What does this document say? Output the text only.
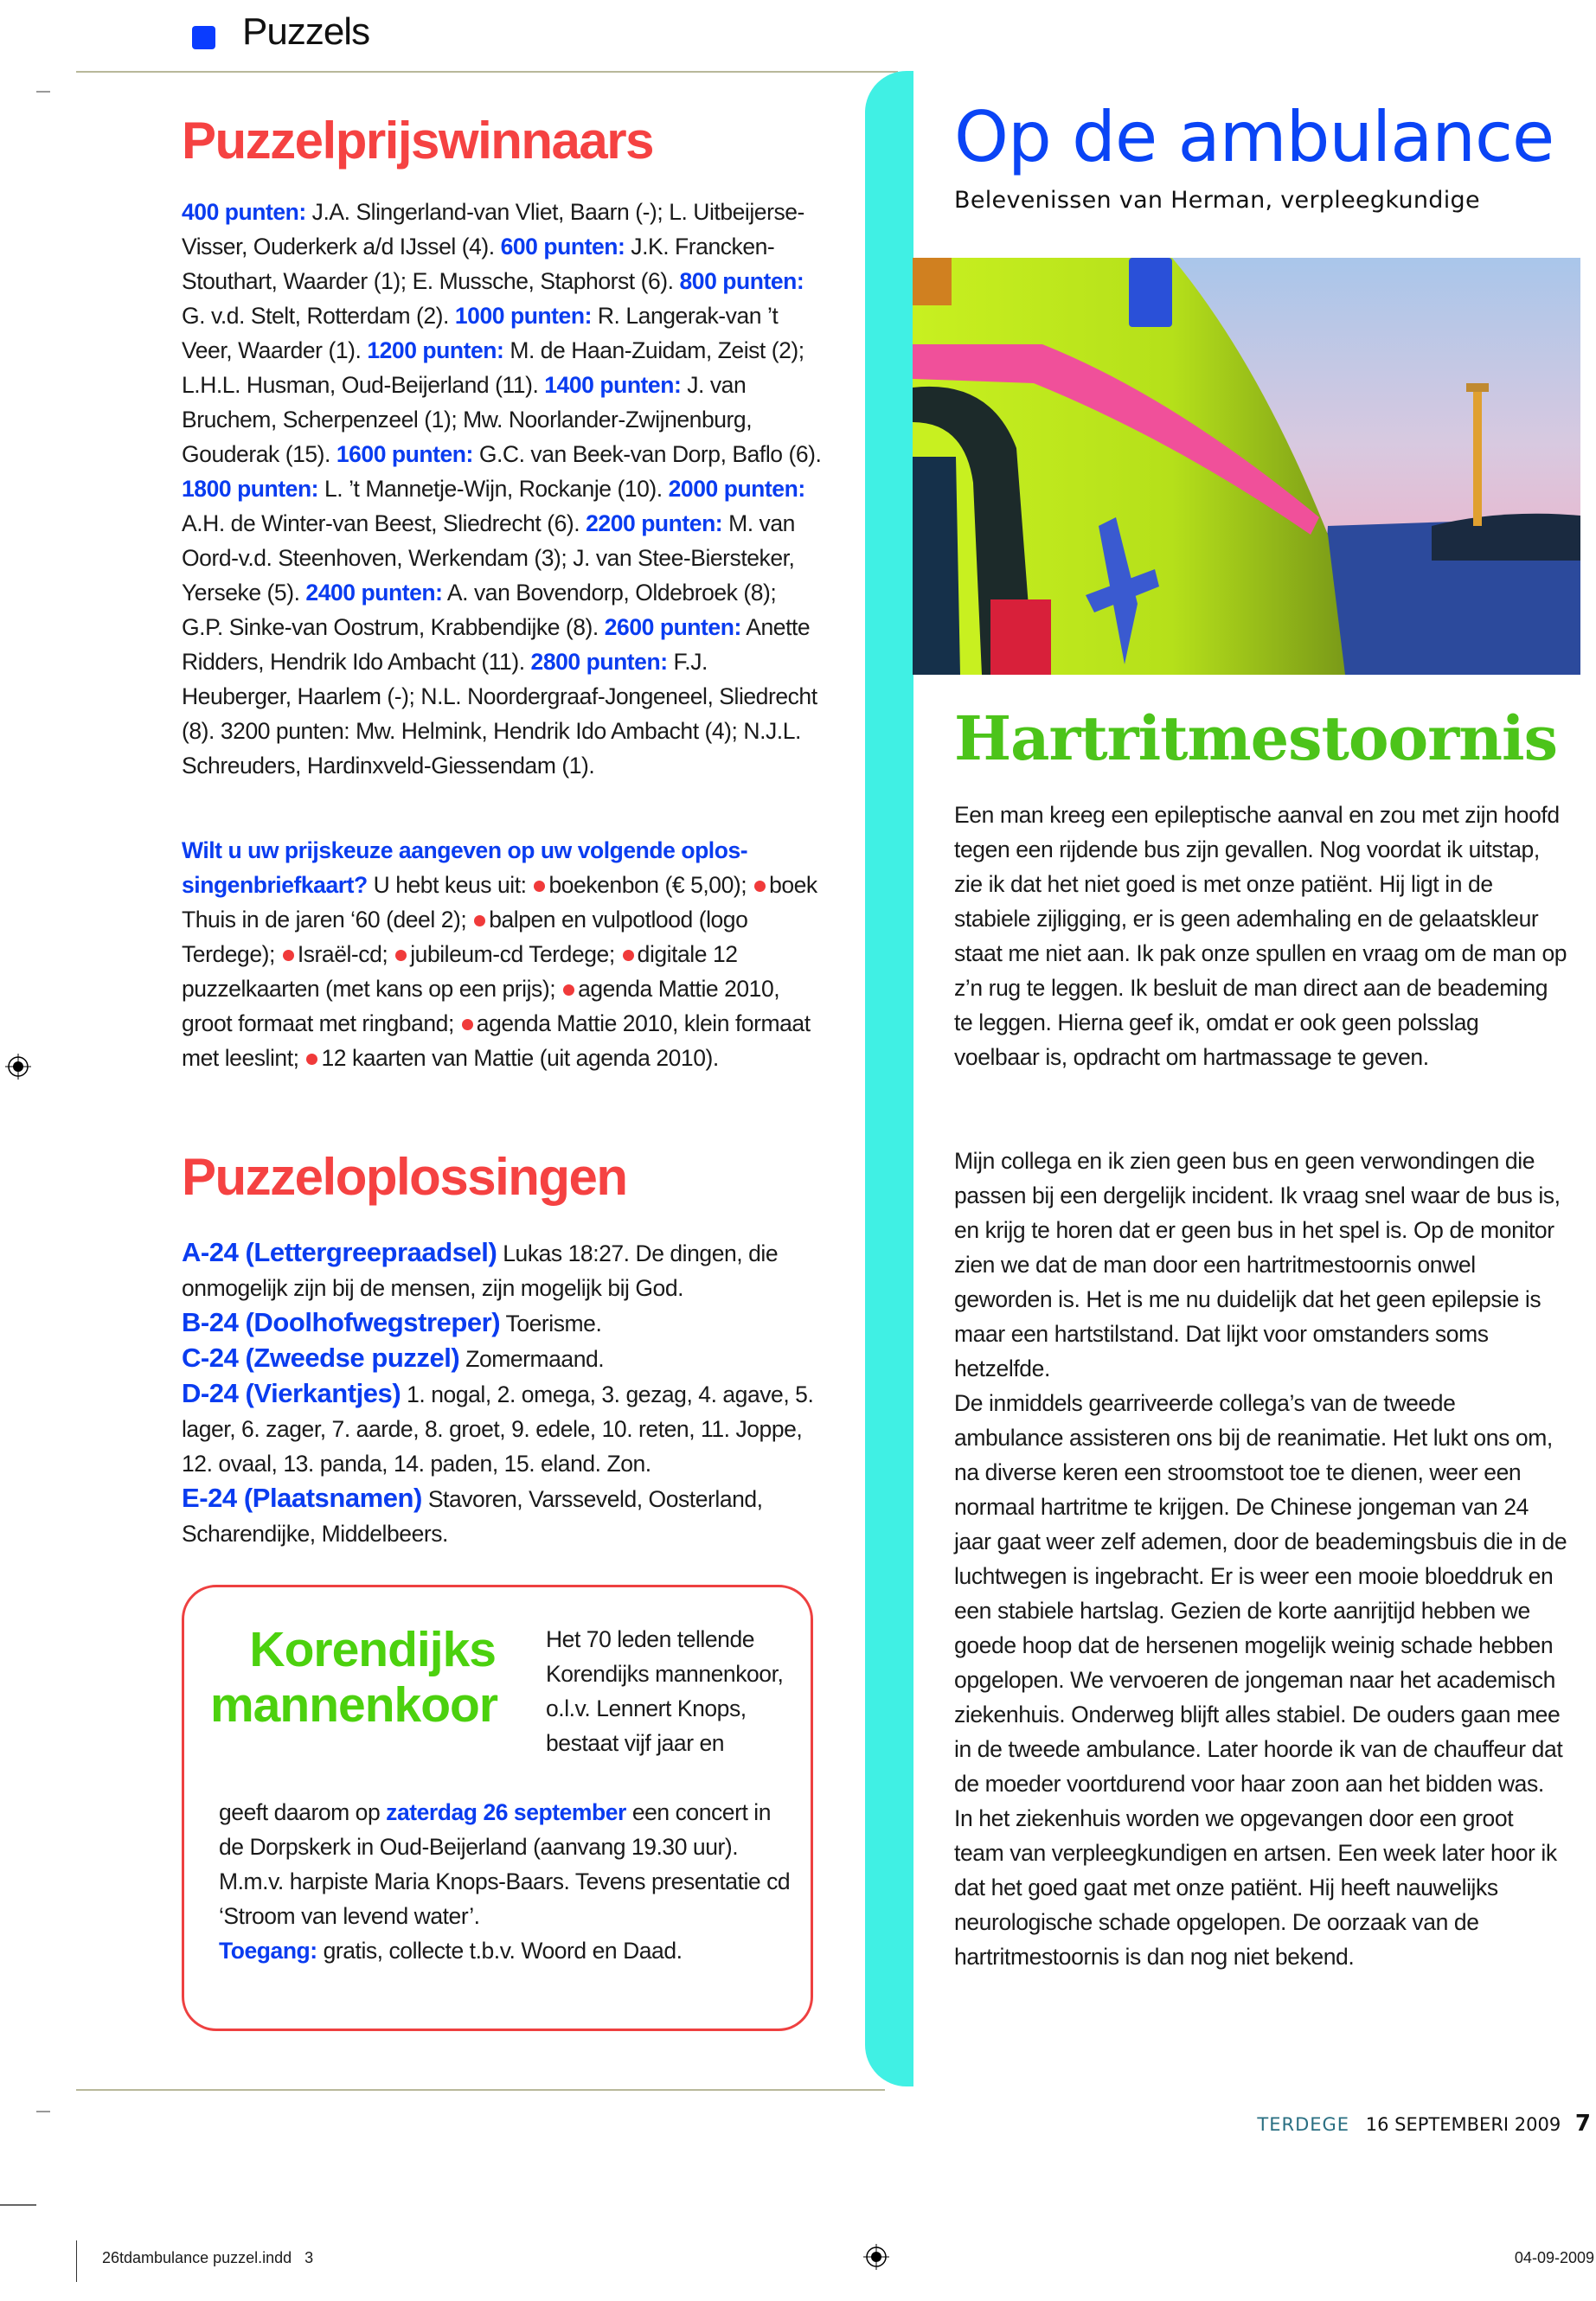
Puzzels
Puzzelprijswinnaars

400 punten: J.A. Slingerland-van Vliet, Baarn (-); L. Uitbeijerse-Visser, Ouderkerk a/d IJssel (4). 600 punten: J.K. Francken-Stouthart, Waarder (1); E. Mussche, Staphorst (6). 800 punten: G. v.d. Stelt, Rotterdam (2). 1000 punten: R. Langerak-van ’t Veer, Waarder (1). 1200 punten: M. de Haan-Zuidam, Zeist (2); L.H.L. Husman, Oud-Beijerland (11). 1400 punten: J. van Bruchem, Scherpenzeel (1); Mw. Noorlander-Zwijnenburg, Gouderak (15). 1600 punten: G.C. van Beek-van Dorp, Baflo (6). 1800 punten: L. ’t Mannetje-Wijn, Rockanje (10). 2000 punten: A.H. de Winter-van Beest, Sliedrecht (6). 2200 punten: M. van Oord-v.d. Steenhoven, Werkendam (3); J. van Stee-Biersteker, Yerseke (5). 2400 punten: A. van Bovendorp, Oldebroek (8); G.P. Sinke-van Oostrum, Krabbendijke (8). 2600 punten: Anette Ridders, Hendrik Ido Ambacht (11). 2800 punten: F.J. Heuberger, Haarlem (-); N.L. Noordergraaf-Jongeneel, Sliedrecht (8). 3200 punten: Mw. Helmink, Hendrik Ido Ambacht (4); N.J.L. Schreuders, Hardinxveld-Giessendam (1).

Wilt u uw prijskeuze aangeven op uw volgende oplossingenbriefkaart? U hebt keus uit: boekenbon (€ 5,00); boek Thuis in de jaren ‘60 (deel 2); balpen en vulpotlood (logo Terdege); Israël-cd; jubileum-cd Terdege; digitale 12 puzzelkaarten (met kans op een prijs); agenda Mattie 2010, groot formaat met ringband; agenda Mattie 2010, klein formaat met leeslint; 12 kaarten van Mattie (uit agenda 2010).

Puzzeloplossingen
A-24 (Lettergreepraadsel) Lukas 18:27. De dingen, die onmogelijk zijn bij de mensen, zijn mogelijk bij God.
B-24 (Doolhofwegstreper) Toerisme.
C-24 (Zweedse puzzel) Zomermaand.
D-24 (Vierkantjes) 1. nogal, 2. omega, 3. gezag, 4. agave, 5. lager, 6. zager, 7. aarde, 8. groet, 9. edele, 10. reten, 11. Joppe, 12. ovaal, 13. panda, 14. paden, 15. eland. Zon.
E-24 (Plaatsnamen) Stavoren, Varsseveld, Oosterland, Scharendijke, Middelbeers.
Korendijks mannenkoor

Het 70 leden tellende Korendijks mannenkoor, o.l.v. Lennert Knops, bestaat vijf jaar en

geeft daarom op zaterdag 26 september een concert in de Dorpskerk in Oud-Beijerland (aanvang 19.30 uur). M.m.v. harpiste Maria Knops-Baars. Tevens presentatie cd ‘Stroom van levend water’.
Toegang: gratis, collecte t.b.v. Woord en Daad.

Op de ambulance
Belevenissen van Herman, verpleegkundige
Hartritmestoornis

Een man kreeg een epileptische aanval en zou met zijn hoofd tegen een rijdende bus zijn gevallen. Nog voordat ik uitstap, zie ik dat het niet goed is met onze patiënt. Hij ligt in de stabiele zijligging, er is geen ademhaling en de gelaatskleur staat me niet aan. Ik pak onze spullen en vraag om de man op z’n rug te leggen. Ik besluit de man direct aan de beademing te leggen. Hierna geef ik, omdat er ook geen polsslag voelbaar is, opdracht om hartmassage te geven.

Mijn collega en ik zien geen bus en geen verwondingen die passen bij een dergelijk incident. Ik vraag snel waar de bus is, en krijg te horen dat er geen bus in het spel is. Op de monitor zien we dat de man door een hartritmestoornis onwel geworden is. Het is me nu duidelijk dat het geen epilepsie is maar een hartstilstand. Dat lijkt voor omstanders soms hetzelfde.

De inmiddels gearriveerde collega’s van de tweede ambulance assisteren ons bij de reanimatie. Het lukt ons om, na diverse keren een stroomstoot toe te dienen, weer een normaal hartritme te krijgen. De Chinese jongeman van 24 jaar gaat weer zelf ademen, door de beademingsbuis die in de luchtwegen is ingebracht. Er is weer een mooie bloeddruk en een stabiele hartslag. Gezien de korte aanrijtijd hebben we goede hoop dat de hersenen mogelijk weinig schade hebben opgelopen. We vervoeren de jongeman naar het academisch ziekenhuis. Onderweg blijft alles stabiel. De ouders gaan mee in de tweede ambulance. Later hoorde ik van de chauffeur dat de moeder voortdurend voor haar zoon aan het bidden was. In het ziekenhuis worden we opgevangen door een groot team van verpleegkundigen en artsen. Een week later hoor ik dat het goed gaat met onze patiënt. Hij heeft nauwelijks neurologische schade opgelopen. De oorzaak van de hartritmestoornis is dan nog niet bekend.

TERDEGE 16 SEPTEMBERI 2009 7
26tdambulance puzzel.indd   3	04-09-2009
